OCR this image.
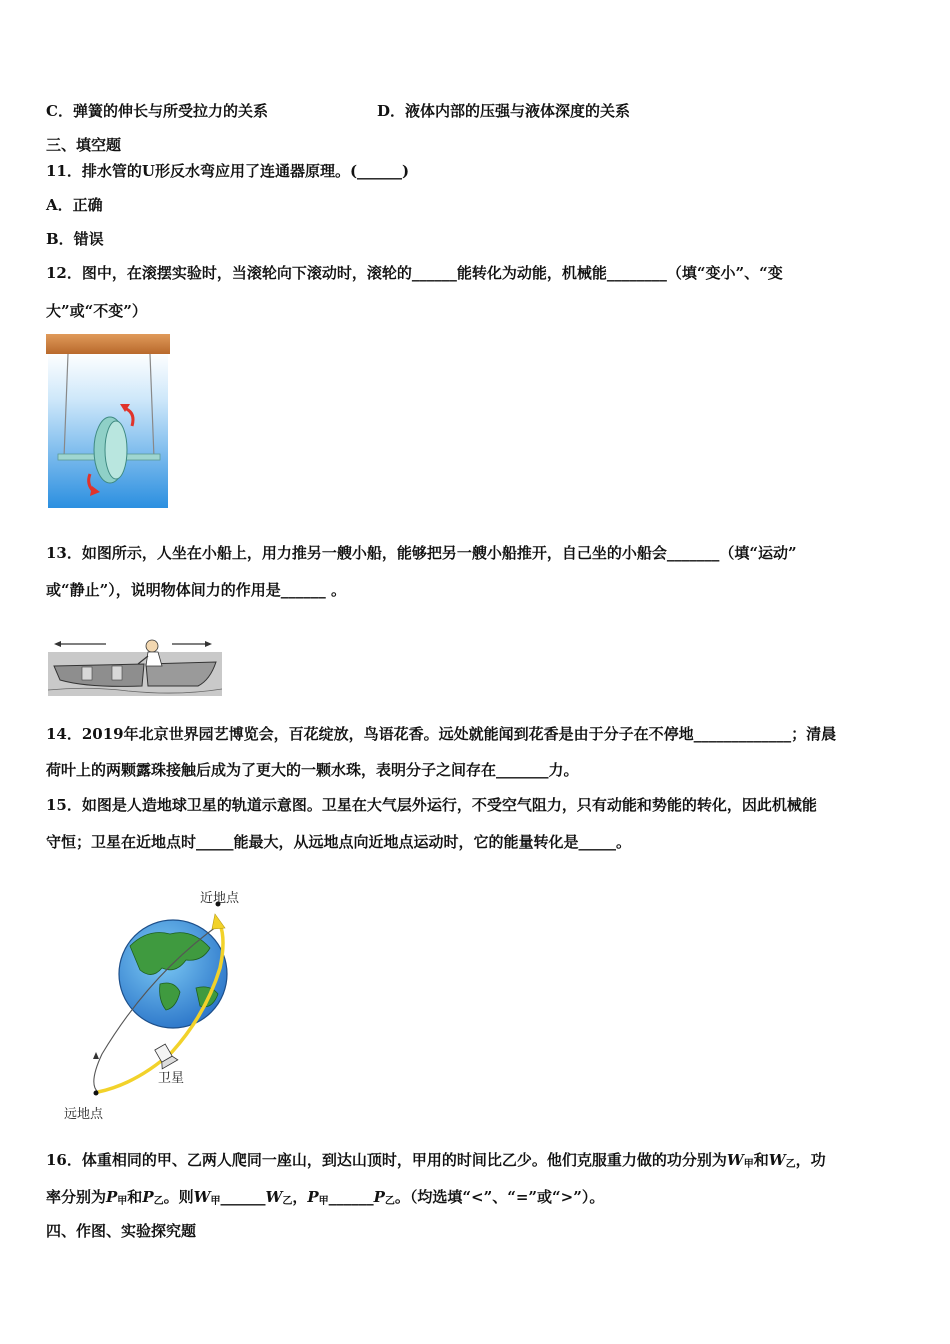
C．弹簧的伸长与所受拉力的关系	D．液体内部的压强与液体深度的关系
三、填空题
11．排水管的U形反水弯应用了连通器原理。(______)
A．正确
B．错误
12．图中，在滚摆实验时，当滚轮向下滚动时，滚轮的______能转化为动能，机械能________（填“变小”、“变
大”或“不变”）
13．如图所示，人坐在小船上，用力推另一艘小船，能够把另一艘小船推开，自己坐的小船会_______（填“运动”
或“静止”），说明物体间力的作用是______ 。
14．2019年北京世界园艺博览会，百花绽放，鸟语花香。远处就能闻到花香是由于分子在不停地_____________；清晨
荷叶上的两颗露珠接触后成为了更大的一颗水珠，表明分子之间存在_______力。
15．如图是人造地球卫星的轨道示意图。卫星在大气层外运行，不受空气阻力，只有动能和势能的转化，因此机械能
守恒；卫星在近地点时_____能最大，从远地点向近地点运动时，它的能量转化是_____。
近地点
卫星
远地点
16．体重相同的甲、乙两人爬同一座山，到达山顶时，甲用的时间比乙少。他们克服重力做的功分别为$W_甲$和$W_乙$，功
率分别为$P_甲$和$P_乙$。则$W_甲\_\_\_\_\_\_W_乙$，$P_甲\_\_\_\_\_\_P_乙$。（均选填“<”、“=”或“>”）。
四、作图、实验探究题
